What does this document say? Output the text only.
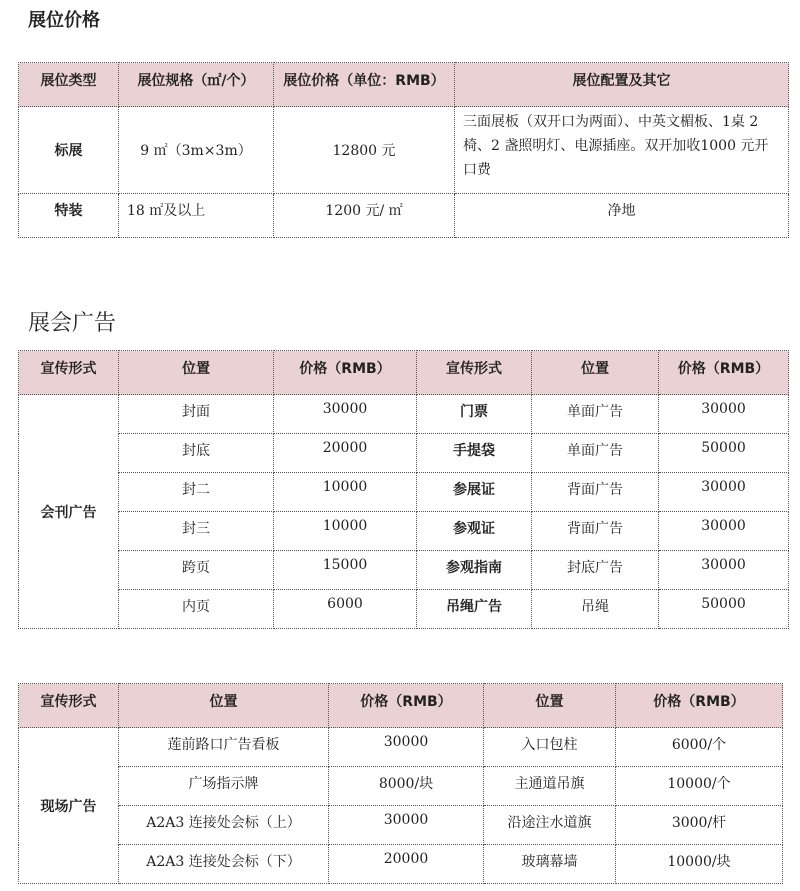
展位价格
展位类型	展位规格（㎡/个）	展位价格（单位：RMB）	展位配置及其它
标展	9 ㎡（3m×3m）	12800 元	三面展板（双开口为两面）、中英文楣板、1桌 2 椅、2 盏照明灯、电源插座。双开加收1000 元开口费
特装	18 ㎡及以上	1200 元/ ㎡	净地
展会广告
宣传形式	位置	价格（RMB）	宣传形式	位置	价格（RMB）
会刊广告	封面	30000	门票	单面广告	30000
	封底	20000	手提袋	单面广告	50000
	封二	10000	参展证	背面广告	30000
	封三	10000	参观证	背面广告	30000
	跨页	15000	参观指南	封底广告	30000
	内页	6000	吊绳广告	吊绳	50000
宣传形式	位置	价格（RMB）	位置	价格（RMB）
现场广告	莲前路口广告看板	30000	入口包柱	6000/个
	广场指示牌	8000/块	主通道吊旗	10000/个
	A2A3 连接处会标（上）	30000	沿途注水道旗	3000/杆
	A2A3 连接处会标（下）	20000	玻璃幕墙	10000/块
